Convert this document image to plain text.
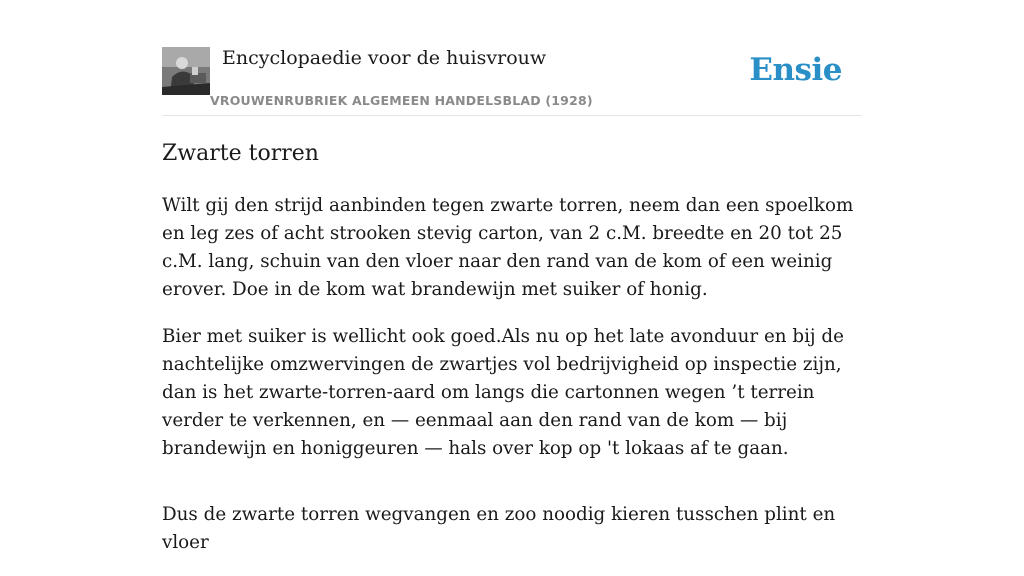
Encyclopaedie voor de huisvrouw
VROUWENRUBRIEK ALGEMEEN HANDELSBLAD (1928)
Ensie
Zwarte torren

Wilt gij den strijd aanbinden tegen zwarte torren, neem dan een spoelkom en leg zes of acht strooken stevig carton, van 2 c.M. breedte en 20 tot 25 c.M. lang, schuin van den vloer naar den rand van de kom of een weinig erover. Doe in de kom wat brandewijn met suiker of honig.

Bier met suiker is wellicht ook goed.Als nu op het late avonduur en bij de nachtelijke omzwervingen de zwartjes vol bedrijvigheid op inspectie zijn, dan is het zwarte-torren-aard om langs die cartonnen wegen ’t terrein verder te verkennen, en — eenmaal aan den rand van de kom — bij brandewijn en honiggeuren — hals over kop op 't lokaas af te gaan.

Dus de zwarte torren wegvangen en zoo noodig kieren tusschen plint en vloer
